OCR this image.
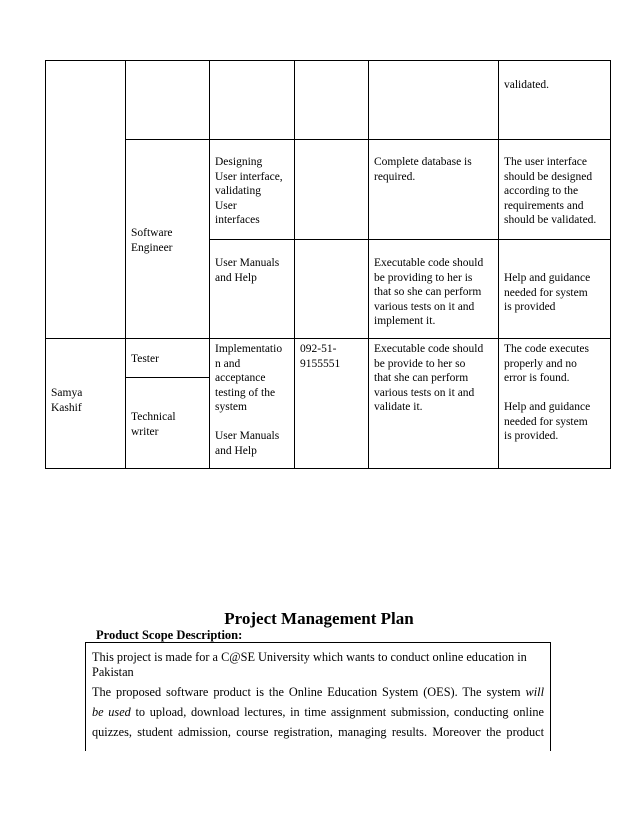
validated.
Software
Engineer
Designing
User interface,
validating
User
interfaces
Complete database is
required.
The user interface
should be designed
according to the
requirements and
should be validated.
User Manuals
and Help
Executable code should
be providing to her is
that so she can perform
various tests on it and
implement it.
Help and guidance
needed for system
is provided
Samya
Kashif
Tester
Technical
writer
Implementatio
n and
acceptance
testing of the
system
User Manuals
and Help
092-51-
9155551
Executable code should
be provide to her so
that she can perform
various tests on it and
validate it.
The code executes
properly and no
error is found.
Help and guidance
needed for system
is provided.
Project Management Plan
Product Scope Description:
This project is made for a C@SE University which wants to conduct online education in
Pakistan
The proposed software product is the Online Education System (OES). The system will
be used to upload, download lectures, in time assignment submission, conducting online
quizzes, student admission, course registration, managing results. Moreover the product
